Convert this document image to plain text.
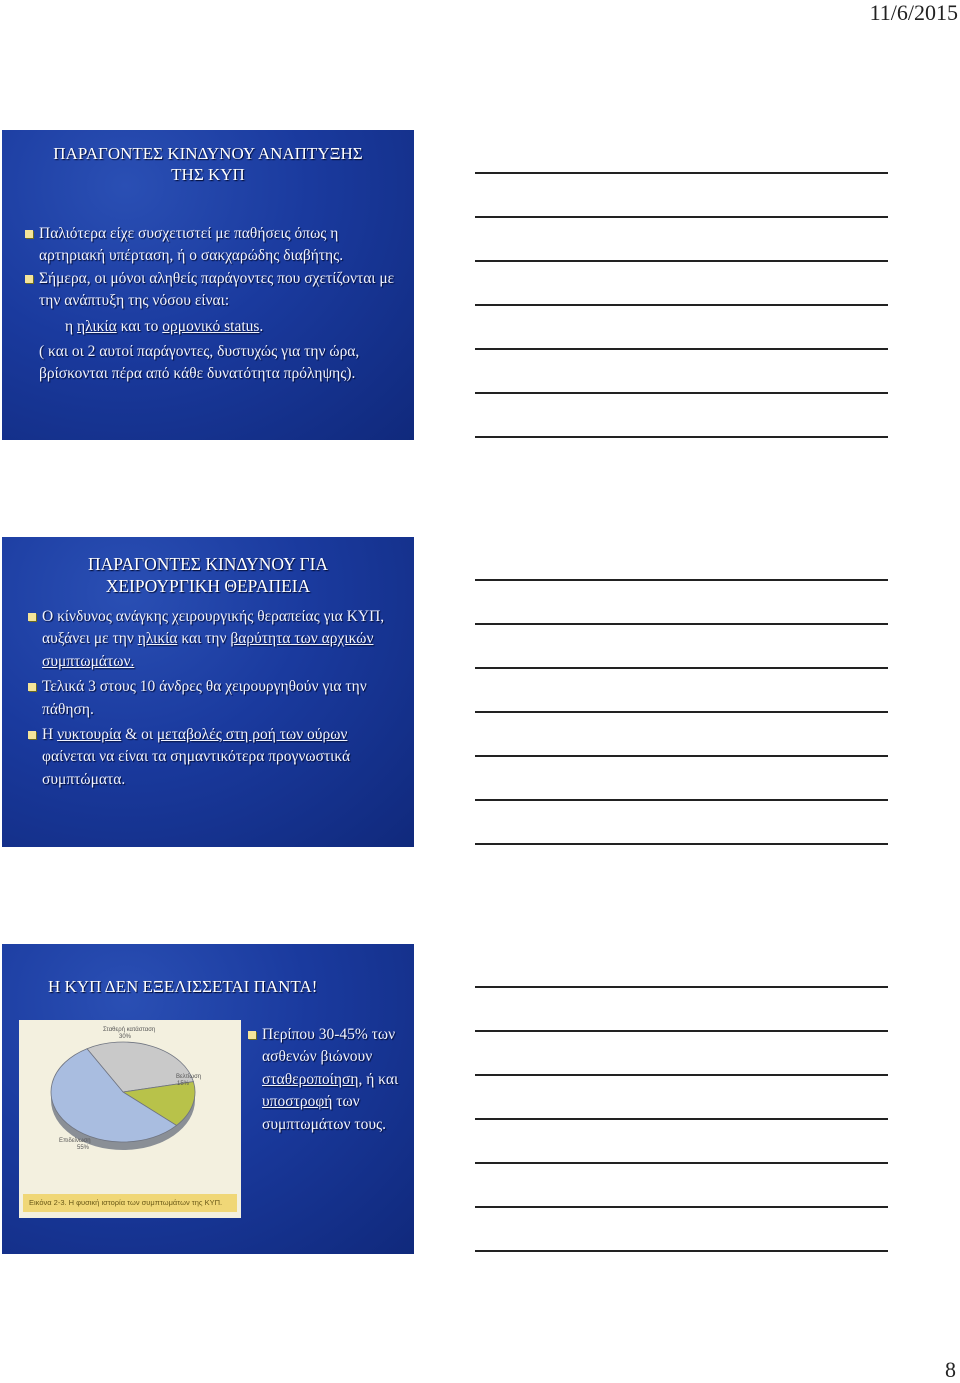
11/6/2015
ΠΑΡΑΓΟΝΤΕΣ ΚΙΝΔΥΝΟΥ ΑΝΑΠΤΥΞΗΣ
ΤΗΣ ΚΥΠ
Παλιότερα είχε συσχετιστεί με παθήσεις όπως η αρτηριακή υπέρταση, ή ο σακχαρώδης διαβήτης.
Σήμερα, οι μόνοι αληθείς παράγοντες που σχετίζονται με την ανάπτυξη της νόσου είναι:
η ηλικία και το ορμονικό status.
( και οι 2 αυτοί παράγοντες, δυστυχώς για την ώρα, βρίσκονται πέρα από κάθε δυνατότητα πρόληψης).
ΠΑΡΑΓΟΝΤΕΣ ΚΙΝΔΥΝΟΥ ΓΙΑ
ΧΕΙΡΟΥΡΓΙΚΗ ΘΕΡΑΠΕΙΑ
Ο κίνδυνος ανάγκης χειρουργικής θεραπείας για ΚΥΠ, αυξάνει με την ηλικία και την βαρύτητα των αρχικών συμπτωμάτων.
Τελικά 3 στους 10 άνδρες θα χειρουργηθούν για την πάθηση.
Η νυκτουρία & οι μεταβολές στη ροή των ούρων φαίνεται να είναι τα σημαντικότερα προγνωστικά συμπτώματα.
Η ΚΥΠ ΔΕΝ ΕΞΕΛΙΣΣΕΤΑΙ ΠΑΝΤΑ!
Σταθερή κατάσταση
30%
Βελτίωση
15%
Επιδείνωση
55%
Εικόνα 2-3. Η φυσική ιστορία των συμπτωμάτων της ΚΥΠ.
Περίπου 30-45% των ασθενών βιώνουν σταθεροποίηση, ή και υποστροφή των συμπτωμάτων τους.
8
